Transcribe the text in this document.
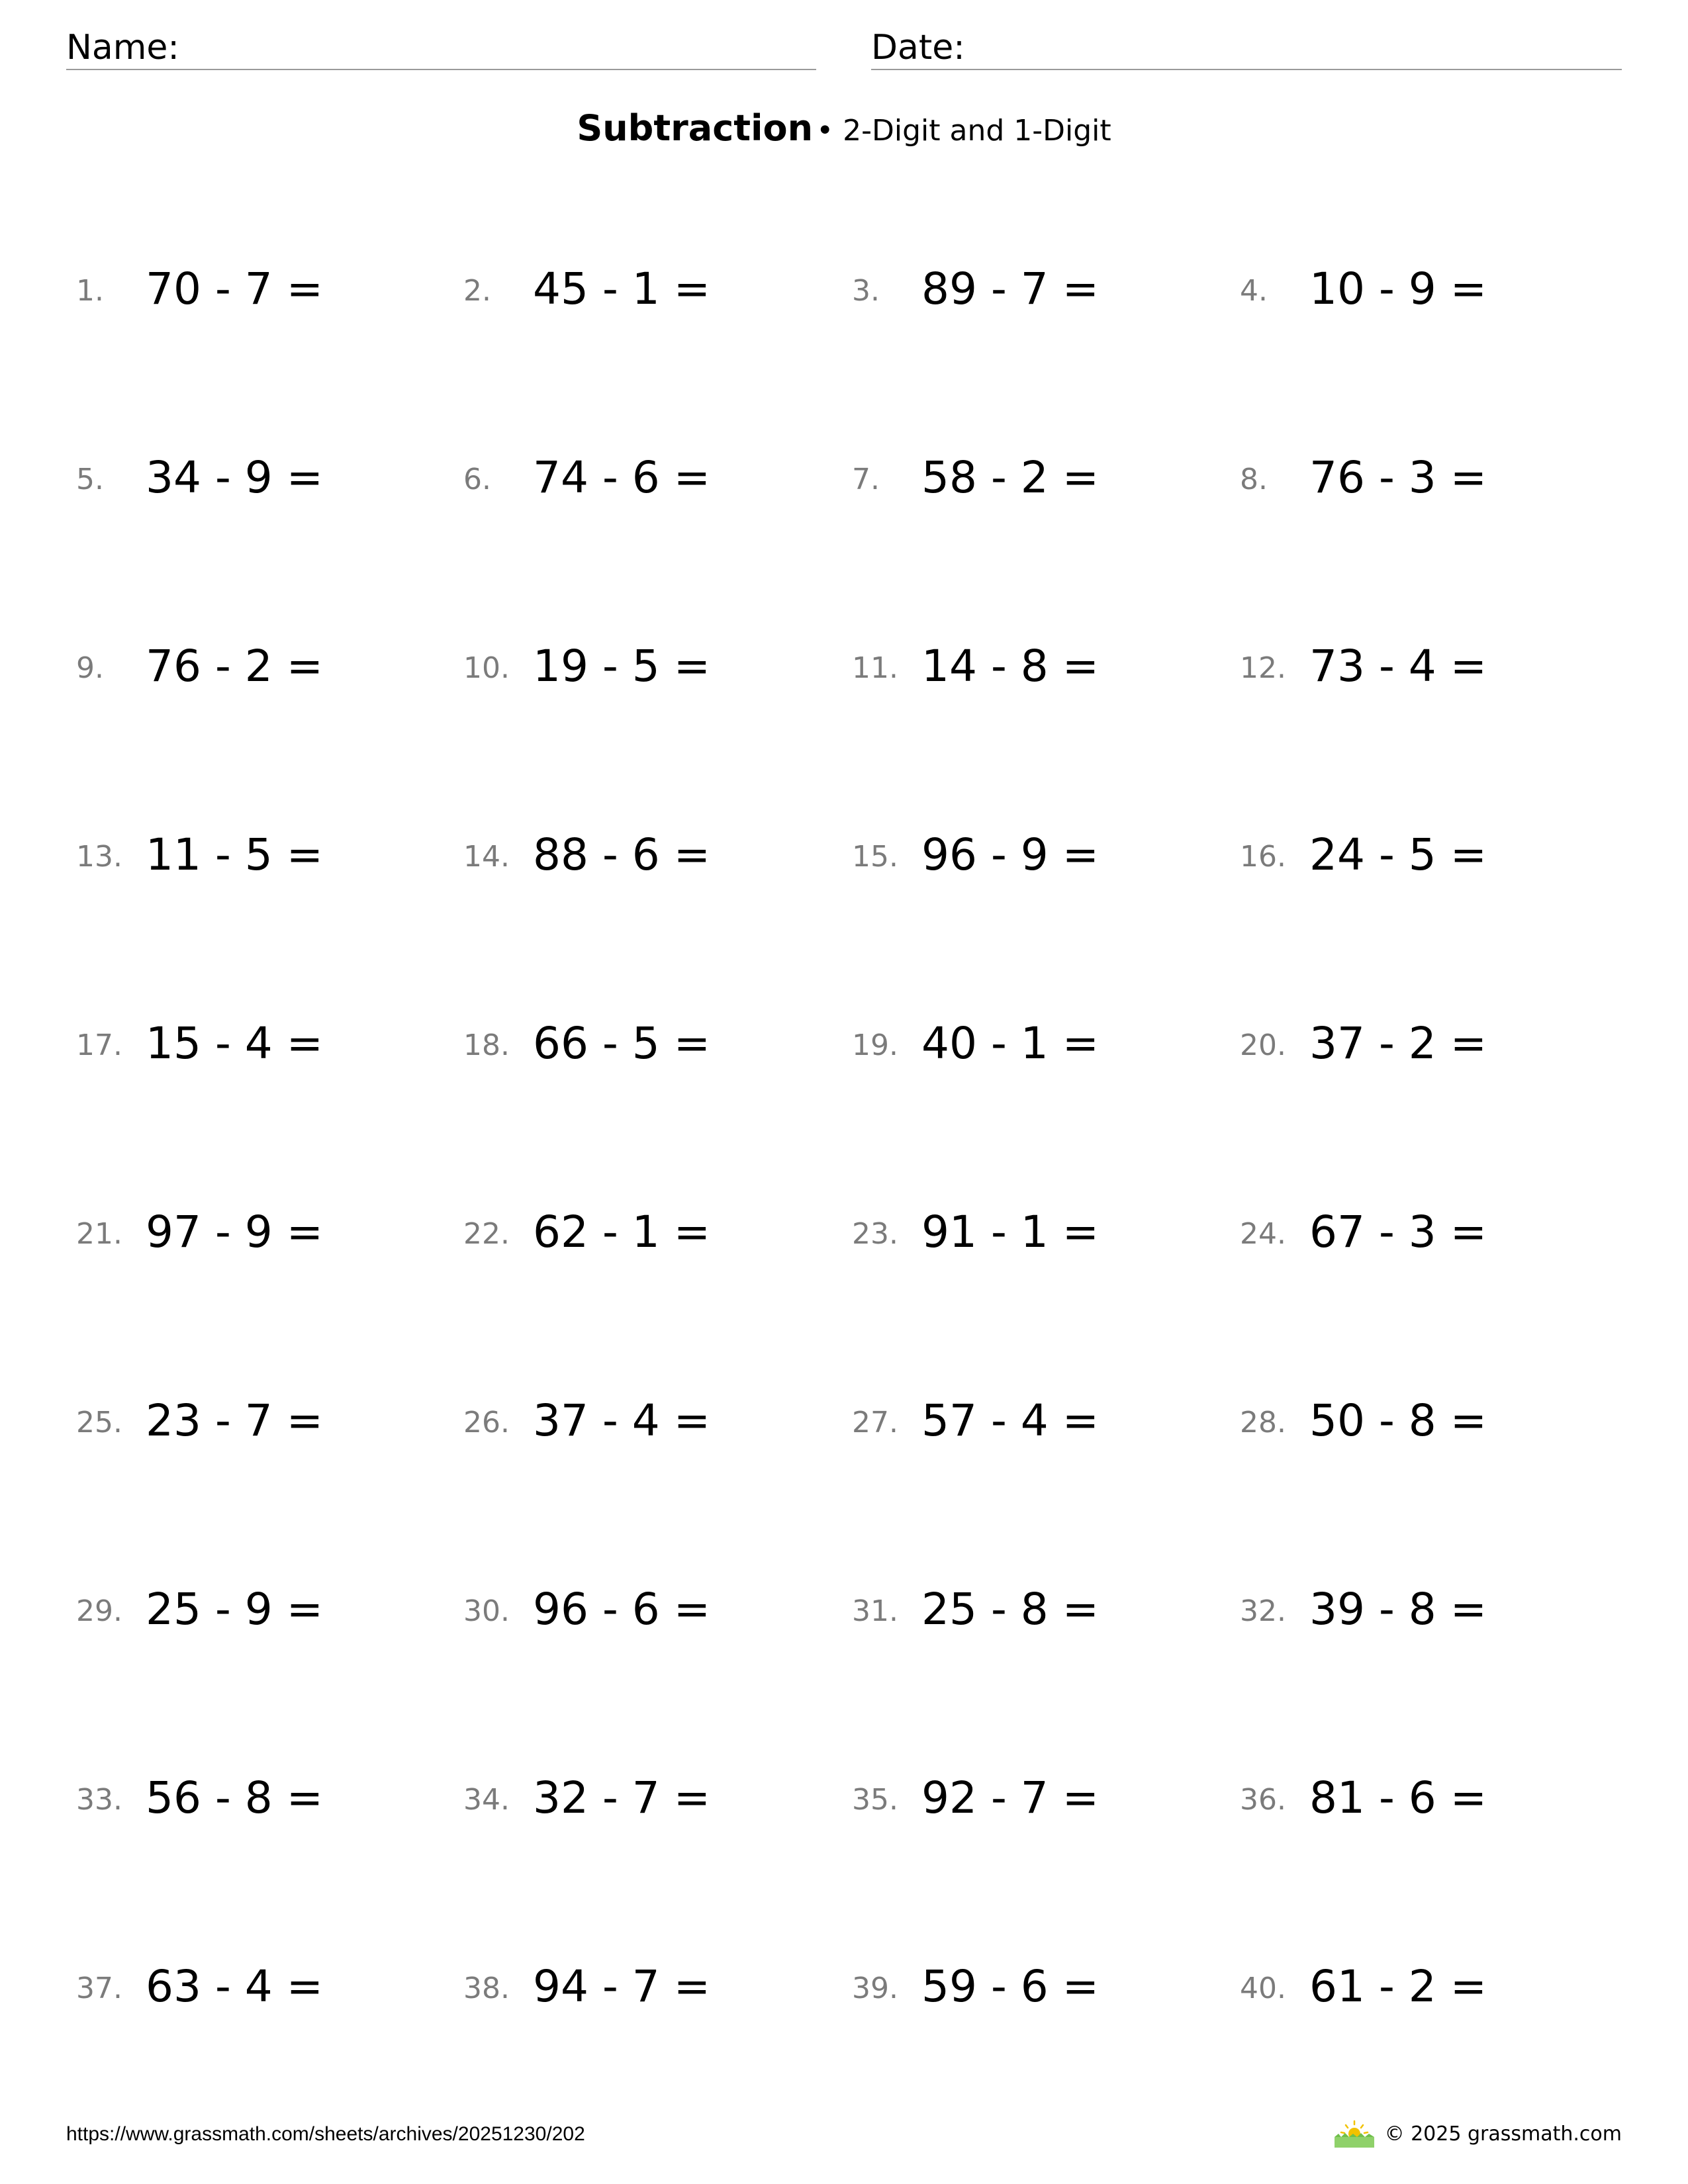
Name:	Date:
Subtraction • 2-Digit and 1-Digit
1. 70 - 7 =	2. 45 - 1 =	3. 89 - 7 =	4. 10 - 9 =
5. 34 - 9 =	6. 74 - 6 =	7. 58 - 2 =	8. 76 - 3 =
9. 76 - 2 =	10. 19 - 5 =	11. 14 - 8 =	12. 73 - 4 =
13. 11 - 5 =	14. 88 - 6 =	15. 96 - 9 =	16. 24 - 5 =
17. 15 - 4 =	18. 66 - 5 =	19. 40 - 1 =	20. 37 - 2 =
21. 97 - 9 =	22. 62 - 1 =	23. 91 - 1 =	24. 67 - 3 =
25. 23 - 7 =	26. 37 - 4 =	27. 57 - 4 =	28. 50 - 8 =
29. 25 - 9 =	30. 96 - 6 =	31. 25 - 8 =	32. 39 - 8 =
33. 56 - 8 =	34. 32 - 7 =	35. 92 - 7 =	36. 81 - 6 =
37. 63 - 4 =	38. 94 - 7 =	39. 59 - 6 =	40. 61 - 2 =
https://www.grassmath.com/sheets/archives/20251230/202	© 2025 grassmath.com
